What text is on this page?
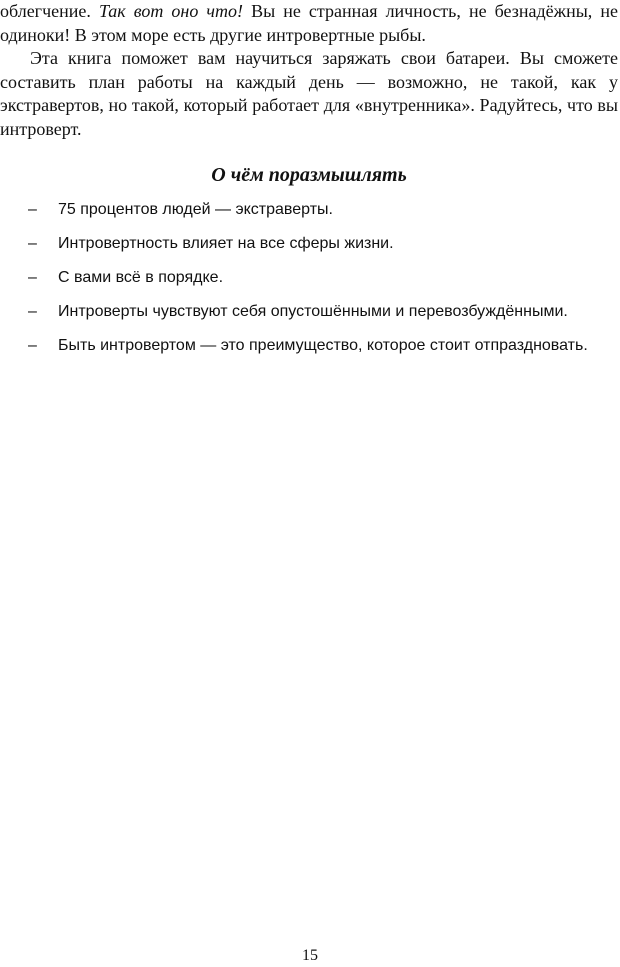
облегчение. Так вот оно что! Вы не странная личность, не безнадёжны, не одиноки! В этом море есть другие интровертные рыбы.

Эта книга поможет вам научиться заряжать свои батареи. Вы сможете составить план работы на каждый день — возможно, не такой, как у экстравертов, но такой, который работает для «внутренника». Радуйтесь, что вы интроверт.

О чём поразмышлять
– 75 процентов людей — экстраверты.
– Интровертность влияет на все сферы жизни.
– С вами всё в порядке.
– Интроверты чувствуют себя опустошёнными и перевозбуждёнными.
– Быть интровертом — это преимущество, которое стоит отпраздновать.
15
